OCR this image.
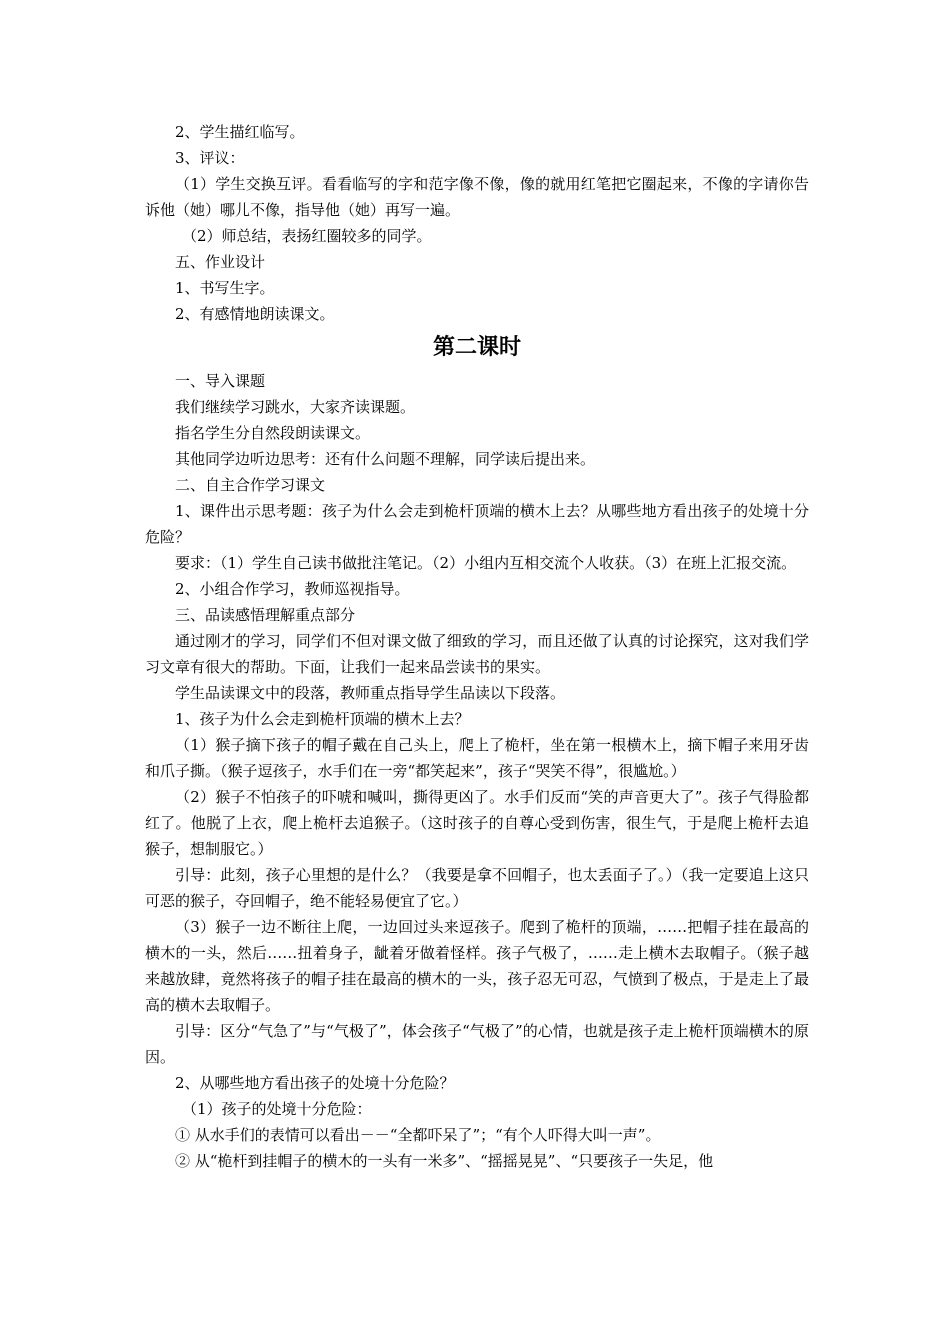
2、学生描红临写。

3、评议：

（1）学生交换互评。看看临写的字和范字像不像，像的就用红笔把它圈起来，不像的字请你告诉他（她）哪儿不像，指导他（她）再写一遍。

（2）师总结，表扬红圈较多的同学。

五、作业设计

1、书写生字。

2、有感情地朗读课文。

第二课时

一、导入课题

我们继续学习跳水，大家齐读课题。

指名学生分自然段朗读课文。

其他同学边听边思考：还有什么问题不理解，同学读后提出来。

二、自主合作学习课文

1、课件出示思考题：孩子为什么会走到桅杆顶端的横木上去？从哪些地方看出孩子的处境十分危险？

要求：（1）学生自己读书做批注笔记。（2）小组内互相交流个人收获。（3）在班上汇报交流。

2、小组合作学习，教师巡视指导。

三、品读感悟理解重点部分

通过刚才的学习，同学们不但对课文做了细致的学习，而且还做了认真的讨论探究，这对我们学习文章有很大的帮助。下面，让我们一起来品尝读书的果实。

学生品读课文中的段落，教师重点指导学生品读以下段落。

1、孩子为什么会走到桅杆顶端的横木上去？

（1）猴子摘下孩子的帽子戴在自己头上，爬上了桅杆，坐在第一根横木上，摘下帽子来用牙齿和爪子撕。（猴子逗孩子，水手们在一旁“都笑起来”，孩子“哭笑不得”，很尴尬。）

（2）猴子不怕孩子的吓唬和喊叫，撕得更凶了。水手们反而“笑的声音更大了”。孩子气得脸都红了。他脱了上衣，爬上桅杆去追猴子。（这时孩子的自尊心受到伤害，很生气，于是爬上桅杆去追猴子，想制服它。）

引导：此刻，孩子心里想的是什么？（我要是拿不回帽子，也太丢面子了。）（我一定要追上这只可恶的猴子，夺回帽子，绝不能轻易便宜了它。）

（3）猴子一边不断往上爬，一边回过头来逗孩子。爬到了桅杆的顶端，……把帽子挂在最高的横木的一头，然后……扭着身子，龇着牙做着怪样。孩子气极了，……走上横木去取帽子。（猴子越来越放肆，竟然将孩子的帽子挂在最高的横木的一头，孩子忍无可忍，气愤到了极点，于是走上了最高的横木去取帽子。

引导：区分“气急了”与“气极了”，体会孩子“气极了”的心情，也就是孩子走上桅杆顶端横木的原因。

2、从哪些地方看出孩子的处境十分危险？

（1）孩子的处境十分危险：

① 从水手们的表情可以看出－－“全都吓呆了”；“有个人吓得大叫一声”。

② 从“桅杆到挂帽子的横木的一头有一米多”、“摇摇晃晃”、“只要孩子一失足，他
